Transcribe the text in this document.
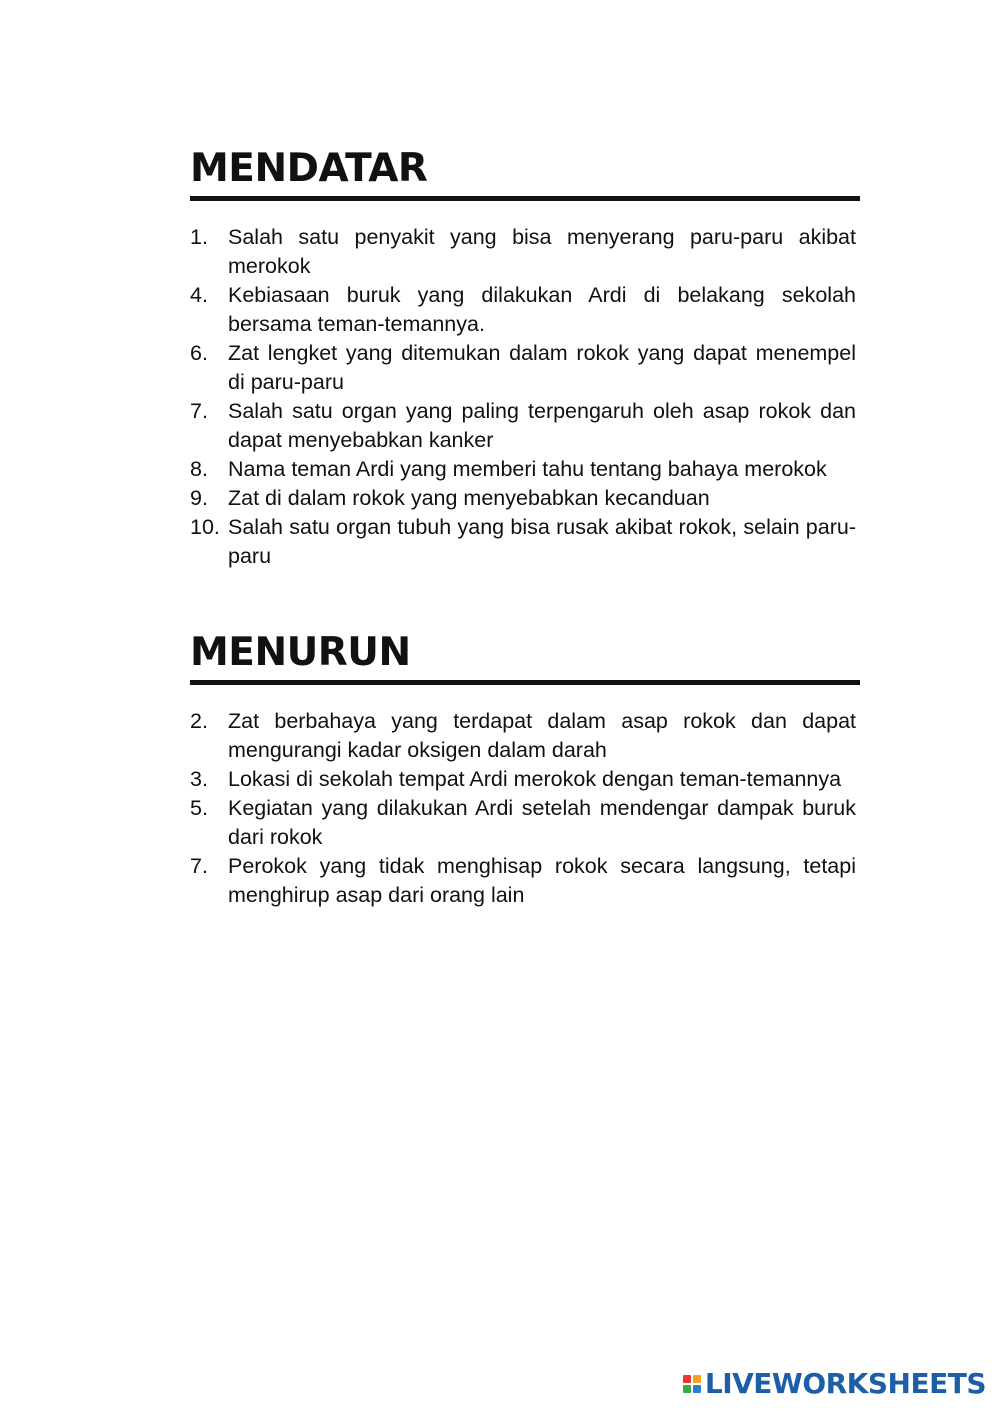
MENDATAR
1. Salah satu penyakit yang bisa menyerang paru-paru akibat merokok
4. Kebiasaan buruk yang dilakukan Ardi di belakang sekolah bersama teman-temannya.
6. Zat lengket yang ditemukan dalam rokok yang dapat menempel di paru-paru
7. Salah satu organ yang paling terpengaruh oleh asap rokok dan dapat menyebabkan kanker
8. Nama teman Ardi yang memberi tahu tentang bahaya merokok
9. Zat di dalam rokok yang menyebabkan kecanduan
10. Salah satu organ tubuh yang bisa rusak akibat rokok, selain paru-paru
MENURUN
2. Zat berbahaya yang terdapat dalam asap rokok dan dapat mengurangi kadar oksigen dalam darah
3. Lokasi di sekolah tempat Ardi merokok dengan teman-temannya
5. Kegiatan yang dilakukan Ardi setelah mendengar dampak buruk dari rokok
7. Perokok yang tidak menghisap rokok secara langsung, tetapi menghirup asap dari orang lain
LIVEWORKSHEETS
